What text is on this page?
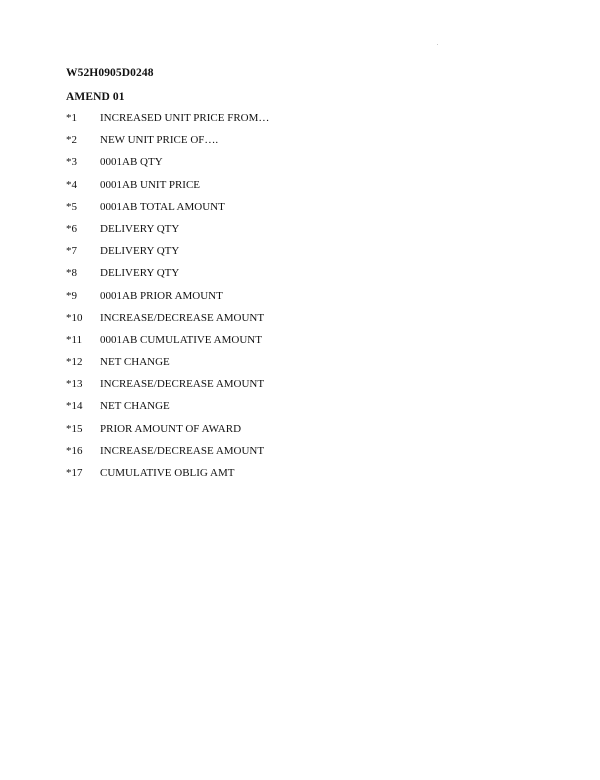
W52H0905D0248
AMEND 01
*1 INCREASED UNIT PRICE FROM…
*2 NEW UNIT PRICE OF….
*3 0001AB QTY
*4 0001AB UNIT PRICE
*5 0001AB TOTAL AMOUNT
*6 DELIVERY QTY
*7 DELIVERY QTY
*8 DELIVERY QTY
*9 0001AB PRIOR AMOUNT
*10 INCREASE/DECREASE AMOUNT
*11 0001AB CUMULATIVE AMOUNT
*12 NET CHANGE
*13 INCREASE/DECREASE AMOUNT
*14 NET CHANGE
*15 PRIOR AMOUNT OF AWARD
*16 INCREASE/DECREASE AMOUNT
*17 CUMULATIVE OBLIG AMT
